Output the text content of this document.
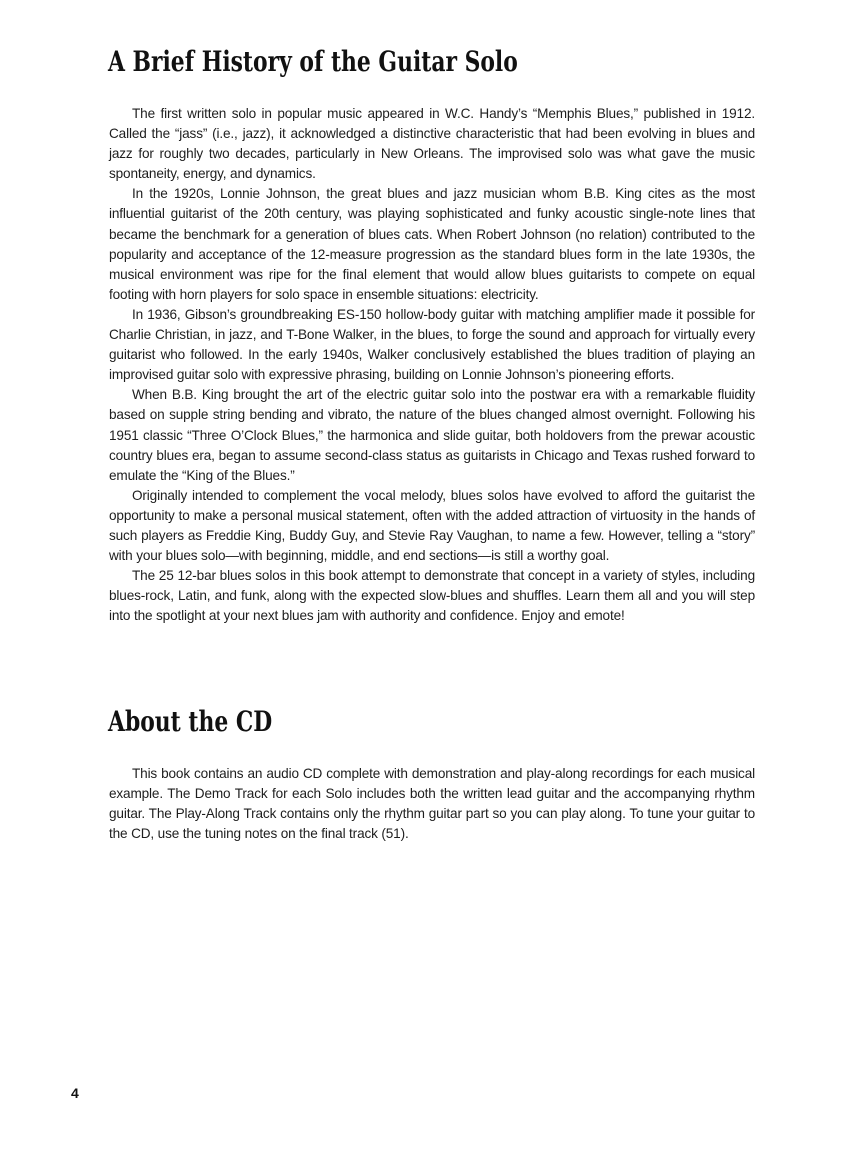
A Brief History of the Guitar Solo

The first written solo in popular music appeared in W.C. Handy’s “Memphis Blues,” published in 1912. Called the “jass” (i.e., jazz), it acknowledged a distinctive characteristic that had been evolving in blues and jazz for roughly two decades, particularly in New Orleans. The improvised solo was what gave the music spontaneity, energy, and dynamics.

In the 1920s, Lonnie Johnson, the great blues and jazz musician whom B.B. King cites as the most influential guitarist of the 20th century, was playing sophisticated and funky acoustic single-note lines that became the benchmark for a generation of blues cats. When Robert Johnson (no relation) contributed to the popularity and acceptance of the 12-measure progression as the standard blues form in the late 1930s, the musical environment was ripe for the final element that would allow blues guitarists to compete on equal footing with horn players for solo space in ensemble situations: electricity.

In 1936, Gibson’s groundbreaking ES-150 hollow-body guitar with matching amplifier made it possible for Charlie Christian, in jazz, and T-Bone Walker, in the blues, to forge the sound and approach for virtually every guitarist who followed. In the early 1940s, Walker conclusively established the blues tradition of playing an improvised guitar solo with expressive phrasing, building on Lonnie Johnson’s pioneering efforts.

When B.B. King brought the art of the electric guitar solo into the postwar era with a remarkable fluidity based on supple string bending and vibrato, the nature of the blues changed almost overnight. Following his 1951 classic “Three O’Clock Blues,” the harmonica and slide guitar, both holdovers from the prewar acoustic country blues era, began to assume second-class status as guitarists in Chicago and Texas rushed forward to emulate the “King of the Blues.”

Originally intended to complement the vocal melody, blues solos have evolved to afford the guitarist the opportunity to make a personal musical statement, often with the added attraction of virtuosity in the hands of such players as Freddie King, Buddy Guy, and Stevie Ray Vaughan, to name a few. However, telling a “story” with your blues solo—with beginning, middle, and end sections—is still a worthy goal.

The 25 12-bar blues solos in this book attempt to demonstrate that concept in a variety of styles, including blues-rock, Latin, and funk, along with the expected slow-blues and shuffles. Learn them all and you will step into the spotlight at your next blues jam with authority and confidence. Enjoy and emote!

About the CD

This book contains an audio CD complete with demonstration and play-along recordings for each musical example. The Demo Track for each Solo includes both the written lead guitar and the accompanying rhythm guitar. The Play-Along Track contains only the rhythm guitar part so you can play along. To tune your guitar to the CD, use the tuning notes on the final track (51).

4
